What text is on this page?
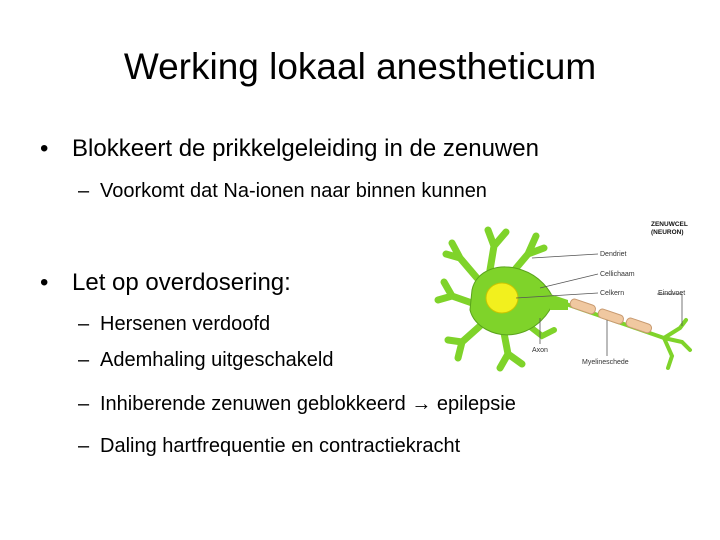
Werking lokaal anestheticum
• Blokkeert de prikkelgeleiding in de zenuwen
– Voorkomt dat Na-ionen naar binnen kunnen
• Let op overdosering:
– Hersenen verdoofd
– Ademhaling uitgeschakeld
– Inhiberende zenuwen geblokkeerd → epilepsie
– Daling hartfrequentie en contractiekracht
ZENUWCEL
(NEURON)
Dendriet
Cellichaam
Celkern	Eindvoet
Axon
Myelineschede
